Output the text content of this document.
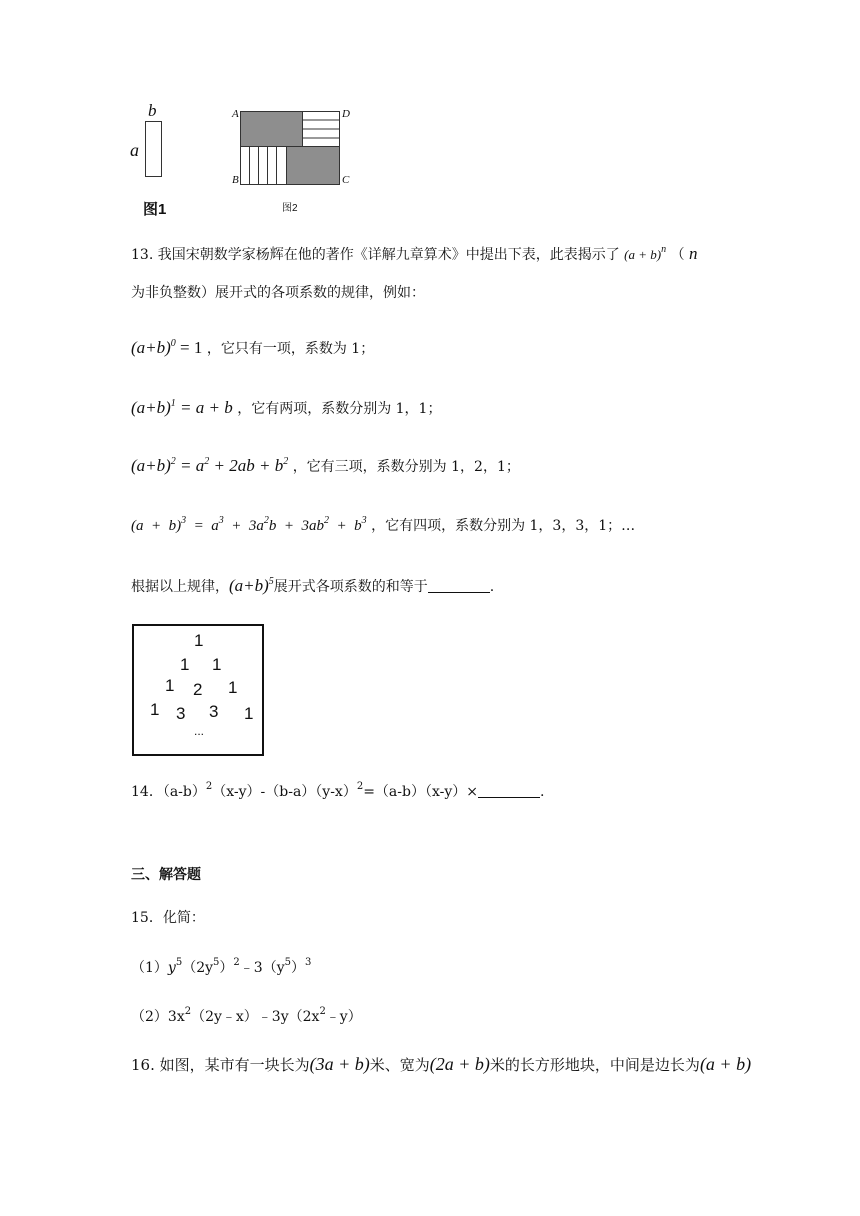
b
a
图1
A	D
B	C
图2
13. 我国宋朝数学家杨辉在他的著作《详解九章算术》中提出下表，此表揭示了 $(a + b)^n$ （ n
为非负整数）展开式的各项系数的规律，例如：
$(a+b)^0 = 1$ ，它只有一项，系数为 1；
$(a+b)^1 = a + b$ ，它有两项，系数分别为 1，1；
$(a+b)^2 = a^2 + 2ab + b^2$ ，它有三项，系数分别为 1，2，1；
$(a + b)^3 = a^3 + 3a^2b + 3ab^2 + b^3$ ，它有四项，系数分别为 1，3，3，1；…
根据以上规律，$(a+b)^5$展开式各项系数的和等于	.
1
1 1
1 2 1
1 3 3 1
...
14．$(a-b)^2(x-y)-(b-a)(y-x)^2=(a-b)(x-y)\times$	.
三、解答题
15．化简：
$(1)y^5(2y^5)^2﹣3(y^5)^3$
$(2)3x^2(2y﹣x)﹣3y(2x^2﹣y)$
16. 如图，某市有一块长为(3a + b)米、宽为(2a + b)米的长方形地块，中间是边长为(a + b)
